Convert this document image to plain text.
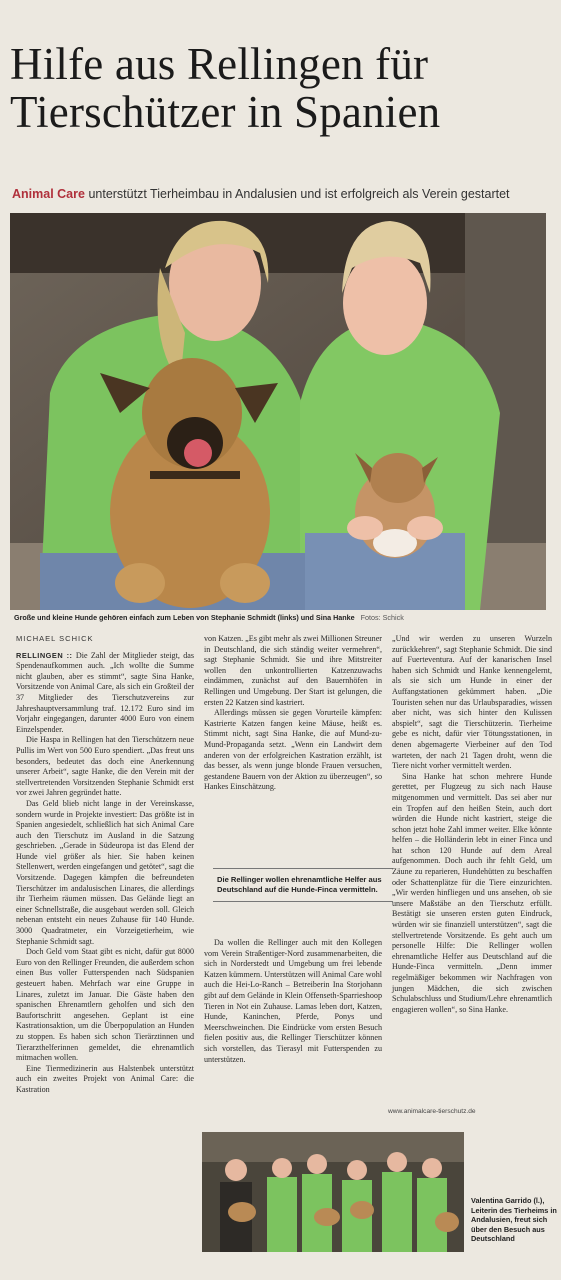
Hilfe aus Rellingen für Tierschützer in Spanien
Animal Care unterstützt Tierheimbau in Andalusien und ist erfolgreich als Verein gestartet
Große und kleine Hunde gehören einfach zum Leben von Stephanie Schmidt (links) und Sina Hanke Fotos: Schick
MICHAEL SCHICK

RELLINGEN :: Die Zahl der Mitglieder steigt, das Spendenaufkommen auch. „Ich wollte die Summe nicht glauben, aber es stimmt“, sagte Sina Hanke, Vorsitzende von Animal Care, als sich ein Großteil der 37 Mitglieder des Tierschutzvereins zur Jahreshauptversammlung traf. 12.172 Euro sind im Vorjahr eingegangen, darunter 4000 Euro von einem Einzelspender.

Die Haspa in Rellingen hat den Tierschützern neue Pullis im Wert von 500 Euro spendiert. „Das freut uns besonders, bedeutet das doch eine Anerkennung unserer Arbeit“, sagte Hanke, die den Verein mit der stellvertretenden Vorsitzenden Stephanie Schmidt erst vor zwei Jahren gegründet hatte.

Das Geld blieb nicht lange in der Vereinskasse, sondern wurde in Projekte investiert: Das größte ist in Spanien angesiedelt, schließlich hat sich Animal Care auch den Tierschutz im Ausland in die Satzung geschrieben. „Gerade in Südeuropa ist das Elend der Hunde viel größer als hier. Sie haben keinen Stellenwert, werden eingefangen und getötet“, sagt die Vorsitzende. Dagegen kämpfen die befreundeten Tierschützer im andalusischen Linares, die allerdings ihr Tierheim räumen müssen. Das Gelände liegt an einer Schnellstraße, die ausgebaut werden soll. Gleich nebenan entsteht ein neues Zuhause für 140 Hunde. 3000 Quadratmeter, ein Vorzeigetierheim, wie Stephanie Schmidt sagt.

Doch Geld vom Staat gibt es nicht, dafür gut 8000 Euro von den Rellinger Freunden, die außerdem schon einen Bus voller Futterspenden nach Südspanien gesteuert haben. Mehrfach war eine Gruppe in Linares, zuletzt im Januar. Die Gäste haben den spanischen Ehrenamtlern geholfen und sich den Baufortschritt angesehen. Geplant ist eine Kastrationsaktion, um die Überpopulation an Hunden zu stoppen. Es haben sich schon Tierärztinnen und Tierarzthelferinnen gemeldet, die ehrenamtlich mitmachen wollen.

Eine Tiermedizinerin aus Halstenbek unterstützt auch ein zweites Projekt von Animal Care: die Kastration

von Katzen. „Es gibt mehr als zwei Millionen Streuner in Deutschland, die sich ständig weiter vermehren“, sagt Stephanie Schmidt. Sie und ihre Mitstreiter wollen den unkontrollierten Katzenzuwachs eindämmen, zunächst auf den Bauernhöfen in Rellingen und Umgebung. Der Start ist gelungen, die ersten 22 Katzen sind kastriert.

Allerdings müssen sie gegen Vorurteile kämpfen: Kastrierte Katzen fangen keine Mäuse, heißt es. Stimmt nicht, sagt Sina Hanke, die auf Mund-zu-Mund-Propaganda setzt. „Wenn ein Landwirt dem anderen von der erfolgreichen Kastration erzählt, ist das besser, als wenn junge blonde Frauen versuchen, gestandene Bauern von der Aktion zu überzeugen“, so Hankes Einschätzung.

Die Rellinger wollen ehrenamtliche Helfer aus Deutschland auf die Hunde-Finca vermitteln.

Da wollen die Rellinger auch mit den Kollegen vom Verein Straßentiger-Nord zusammenarbeiten, die sich in Norderstedt und Umgebung um frei lebende Katzen kümmern. Unterstützen will Animal Care wohl auch die Hei-Lo-Ranch – Betreiberin Ina Storjohann gibt auf dem Gelände in Klein Offenseth-Sparrieshoop Tieren in Not ein Zuhause. Lamas leben dort, Katzen, Hunde, Kaninchen, Pferde, Ponys und Meerschweinchen. Die Eindrücke vom ersten Besuch fielen positiv aus, die Rellinger Tierschützer können sich vorstellen, das Tierasyl mit Futterspenden zu unterstützen.

„Und wir werden zu unseren Wurzeln zurückkehren“, sagt Stephanie Schmidt. Die sind auf Fuerteventura. Auf der kanarischen Insel haben sich Schmidt und Hanke kennengelernt, als sie sich um Hunde in einer der Auffangstationen gekümmert haben. „Die Touristen sehen nur das Urlaubsparadies, wissen aber nicht, was sich hinter den Kulissen abspielt“, sagt die Tierschützerin. Tierheime gebe es nicht, dafür vier Tötungsstationen, in denen abgemagerte Vierbeiner auf den Tod warteten, der nach 21 Tagen droht, wenn die Tiere nicht vorher vermittelt werden.

Sina Hanke hat schon mehrere Hunde gerettet, per Flugzeug zu sich nach Hause mitgenommen und vermittelt. Das sei aber nur ein Tropfen auf den heißen Stein, auch dort würden die Hunde nicht kastriert, steige die schon jetzt hohe Zahl immer weiter. Elke könnte helfen – die Holländerin lebt in einer Finca und hat schon 120 Hunde auf dem Areal aufgenommen. Doch auch ihr fehlt Geld, um Zäune zu reparieren, Hundehütten zu beschaffen oder Schattenplätze für die Tiere einzurichten. „Wir werden hinfliegen und uns ansehen, ob sie unsere Maßstäbe an den Tierschutz erfüllt. Bestätigt sie unseren ersten guten Eindruck, würden wir sie finanziell unterstützen“, sagt die stellvertretende Vorsitzende. Es geht auch um personelle Hilfe: Die Rellinger wollen ehrenamtliche Helfer aus Deutschland auf die Hunde-Finca vermitteln. „Denn immer regelmäßiger bekommen wir Nachfragen von jungen Mädchen, die sich zwischen Schulabschluss und Studium/Lehre ehrenamtlich engagieren wollen“, so Sina Hanke.

www.animalcare-tierschutz.de
Valentina Garrido (l.), Leiterin des Tierheims in Andalusien, freut sich über den Besuch aus Deutschland
